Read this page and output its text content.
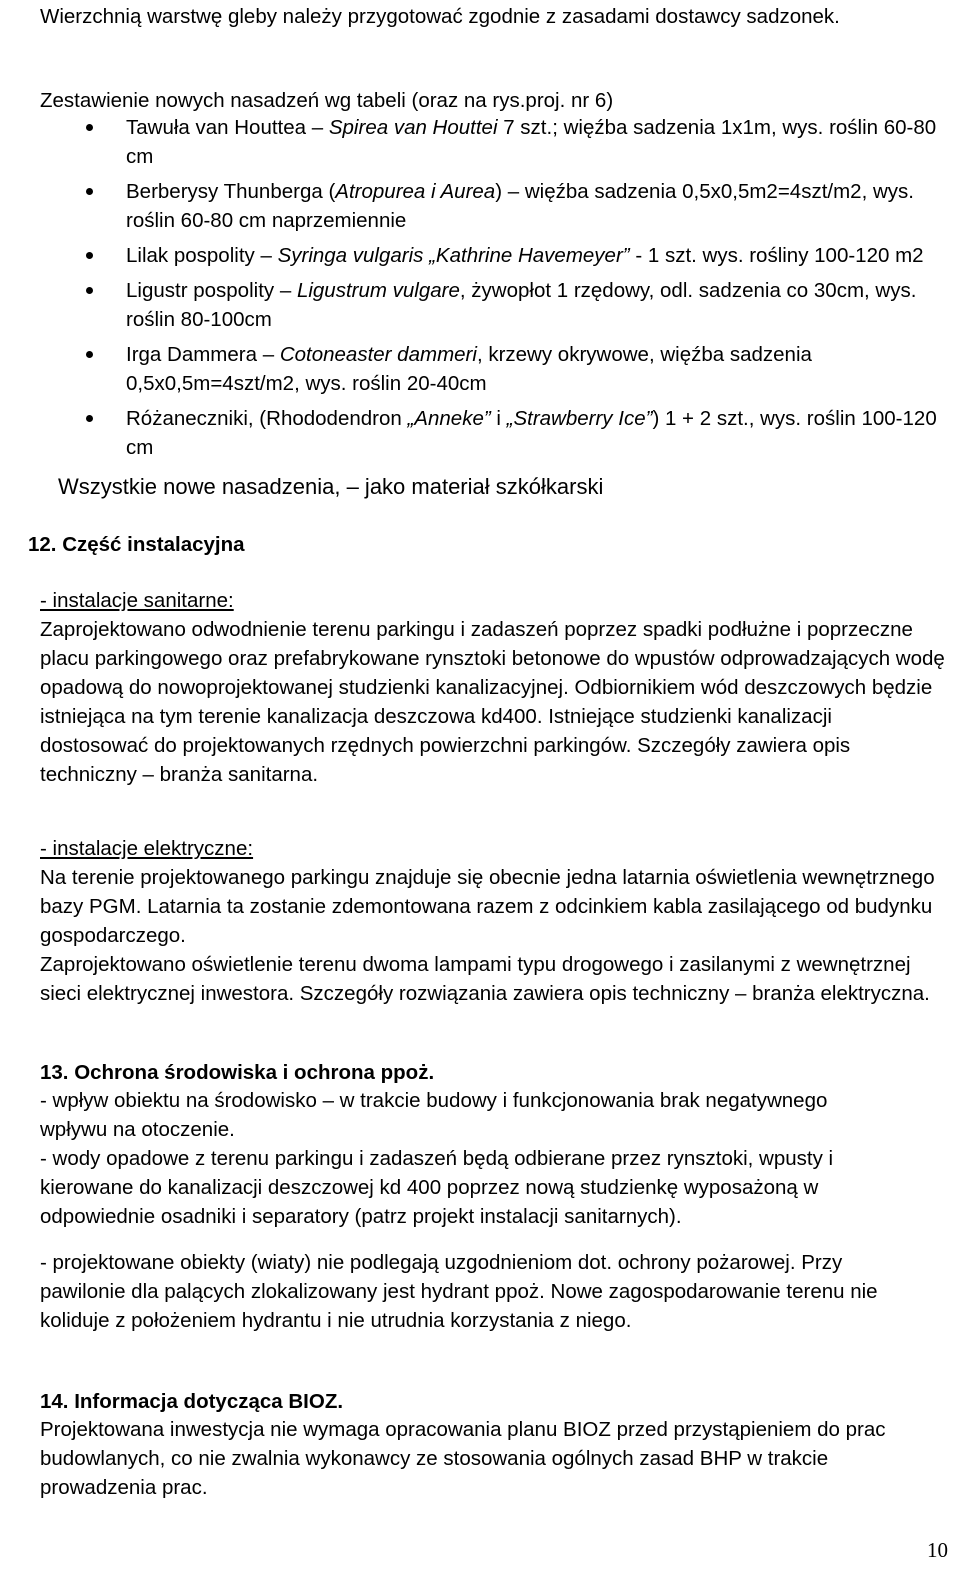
Wierzchnią warstwę gleby należy przygotować zgodnie z zasadami dostawcy sadzonek.

Zestawienie nowych nasadzeń wg tabeli (oraz na rys.proj. nr 6)

Tawuła van Houttea – Spirea van Houttei 7 szt.; więźba sadzenia 1x1m, wys. roślin 60-80 cm
Berberysy Thunberga (Atropurea i Aurea) – więźba sadzenia 0,5x0,5m2=4szt/m2, wys. roślin 60-80 cm naprzemiennie
Lilak pospolity – Syringa vulgaris „Kathrine Havemeyer” - 1 szt. wys. rośliny 100-120 m2
Ligustr pospolity – Ligustrum vulgare, żywopłot 1 rzędowy, odl. sadzenia co 30cm, wys. roślin 80-100cm
Irga Dammera – Cotoneaster dammeri, krzewy okrywowe, więźba sadzenia 0,5x0,5m=4szt/m2, wys. roślin 20-40cm
Różaneczniki, (Rhododendron „Anneke” i „Strawberry Ice”) 1 + 2 szt., wys. roślin 100-120 cm

Wszystkie nowe nasadzenia, – jako materiał szkółkarski

12. Część instalacyjna

- instalacje sanitarne:

Zaprojektowano odwodnienie terenu parkingu i zadaszeń poprzez spadki podłużne i poprzeczne placu parkingowego oraz prefabrykowane rynsztoki betonowe do wpustów odprowadzających wodę opadową do nowoprojektowanej studzienki kanalizacyjnej. Odbiornikiem wód deszczowych będzie istniejąca na tym terenie kanalizacja deszczowa kd400. Istniejące studzienki kanalizacji dostosować do projektowanych rzędnych powierzchni parkingów. Szczegóły zawiera opis techniczny – branża sanitarna.

- instalacje elektryczne:

Na terenie projektowanego parkingu znajduje się obecnie jedna latarnia oświetlenia wewnętrznego bazy PGM. Latarnia ta zostanie zdemontowana razem z odcinkiem kabla zasilającego od budynku gospodarczego.

Zaprojektowano oświetlenie terenu dwoma lampami typu drogowego i zasilanymi z wewnętrznej sieci elektrycznej inwestora. Szczegóły rozwiązania zawiera opis techniczny – branża elektryczna.

13. Ochrona środowiska i ochrona ppoż.

- wpływ obiektu na środowisko – w trakcie budowy i funkcjonowania brak negatywnego wpływu na otoczenie.

- wody opadowe z terenu parkingu i zadaszeń będą odbierane przez rynsztoki, wpusty i kierowane do kanalizacji deszczowej kd 400 poprzez nową studzienkę wyposażoną w odpowiednie osadniki i separatory (patrz projekt instalacji sanitarnych).

- projektowane obiekty (wiaty) nie podlegają uzgodnieniom dot. ochrony pożarowej. Przy pawilonie dla palących zlokalizowany jest hydrant ppoż. Nowe zagospodarowanie terenu nie koliduje z położeniem hydrantu i nie utrudnia korzystania z niego.

14. Informacja dotycząca BIOZ.

Projektowana inwestycja nie wymaga opracowania planu BIOZ przed przystąpieniem do prac budowlanych, co nie zwalnia wykonawcy ze stosowania ogólnych zasad BHP w trakcie prowadzenia prac.

10
